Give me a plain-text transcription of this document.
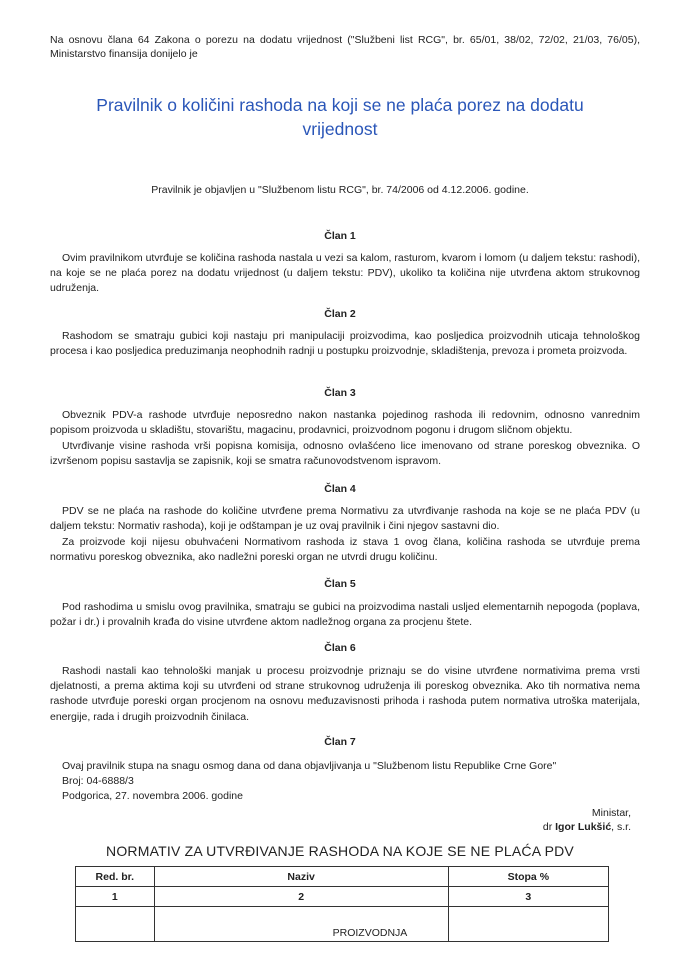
Na osnovu člana 64 Zakona o porezu na dodatu vrijednost ("Službeni list RCG", br. 65/01, 38/02, 72/02, 21/03, 76/05), Ministarstvo finansija donijelo je
Pravilnik o količini rashoda na koji se ne plaća porez na dodatu vrijednost
Pravilnik je objavljen u "Službenom listu RCG", br. 74/2006 od 4.12.2006. godine.
Član 1

Ovim pravilnikom utvrđuje se količina rashoda nastala u vezi sa kalom, rasturom, kvarom i lomom (u daljem tekstu: rashodi), na koje se ne plaća porez na dodatu vrijednost (u daljem tekstu: PDV), ukoliko ta količina nije utvrđena aktom strukovnog udruženja.

Član 2

Rashodom se smatraju gubici koji nastaju pri manipulaciji proizvodima, kao posljedica proizvodnih uticaja tehnološkog procesa i kao posljedica preduzimanja neophodnih radnji u postupku proizvodnje, skladištenja, prevoza i prometa proizvoda.

Član 3

Obveznik PDV-a rashode utvrđuje neposredno nakon nastanka pojedinog rashoda ili redovnim, odnosno vanrednim popisom proizvoda u skladištu, stovarištu, magacinu, prodavnici, proizvodnom pogonu i drugom sličnom objektu.

Utvrđivanje visine rashoda vrši popisna komisija, odnosno ovlašćeno lice imenovano od strane poreskog obveznika. O izvršenom popisu sastavlja se zapisnik, koji se smatra računovodstvenom ispravom.

Član 4

PDV se ne plaća na rashode do količine utvrđene prema Normativu za utvrđivanje rashoda na koje se ne plaća PDV (u daljem tekstu: Normativ rashoda), koji je odštampan je uz ovaj pravilnik i čini njegov sastavni dio.

Za proizvode koji nijesu obuhvaćeni Normativom rashoda iz stava 1 ovog člana, količina rashoda se utvrđuje prema normativu poreskog obveznika, ako nadležni poreski organ ne utvrdi drugu količinu.

Član 5

Pod rashodima u smislu ovog pravilnika, smatraju se gubici na proizvodima nastali usljed elementarnih nepogoda (poplava, požar i dr.) i provalnih krađa do visine utvrđene aktom nadležnog organa za procjenu štete.

Član 6

Rashodi nastali kao tehnološki manjak u procesu proizvodnje priznaju se do visine utvrđene normativima prema vrsti djelatnosti, a prema aktima koji su utvrđeni od strane strukovnog udruženja ili poreskog obveznika. Ako tih normativa nema rashode utvrđuje poreski organ procjenom na osnovu međuzavisnosti prihoda i rashoda putem normativa utroška materijala, energije, rada i drugih proizvodnih činilaca.

Član 7
Ovaj pravilnik stupa na snagu osmog dana od dana objavljivanja u "Službenom listu Republike Crne Gore"
Broj: 04-6888/3
Podgorica, 27. novembra 2006. godine
Ministar,
dr Igor Lukšić, s.r.
NORMATIV ZA UTVRĐIVANJE RASHODA NA KOJE SE NE PLAĆA PDV
Red. br.	Naziv	Stopa %
1	2	3
	PROIZVODNJA	
